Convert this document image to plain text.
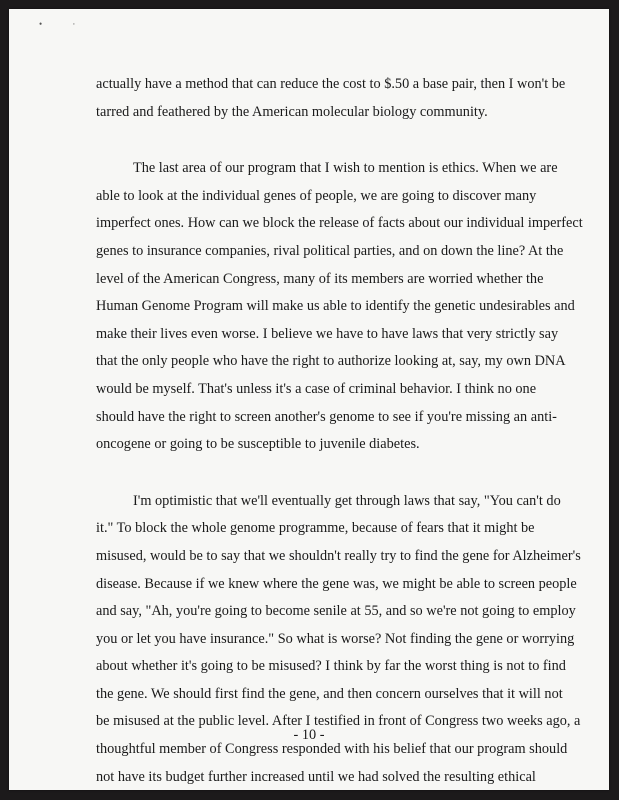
• ·
actually have a method that can reduce the cost to $.50 a base pair, then I won't be
tarred and feathered by the American molecular biology community.
The last area of our program that I wish to mention is ethics. When we are
able to look at the individual genes of people, we are going to discover many
imperfect ones. How can we block the release of facts about our individual imperfect
genes to insurance companies, rival political parties, and on down the line? At the
level of the American Congress, many of its members are worried whether the
Human Genome Program will make us able to identify the genetic undesirables and
make their lives even worse. I believe we have to have laws that very strictly say
that the only people who have the right to authorize looking at, say, my own DNA
would be myself. That's unless it's a case of criminal behavior. I think no one
should have the right to screen another's genome to see if you're missing an anti-
oncogene or going to be susceptible to juvenile diabetes.
I'm optimistic that we'll eventually get through laws that say, "You can't do
it." To block the whole genome programme, because of fears that it might be
misused, would be to say that we shouldn't really try to find the gene for Alzheimer's
disease. Because if we knew where the gene was, we might be able to screen people
and say, "Ah, you're going to become senile at 55, and so we're not going to employ
you or let you have insurance." So what is worse? Not finding the gene or worrying
about whether it's going to be misused? I think by far the worst thing is not to find
the gene. We should first find the gene, and then concern ourselves that it will not
be misused at the public level. After I testified in front of Congress two weeks ago, a
thoughtful member of Congress responded with his belief that our program should
not have its budget further increased until we had solved the resulting ethical
- 10 -
